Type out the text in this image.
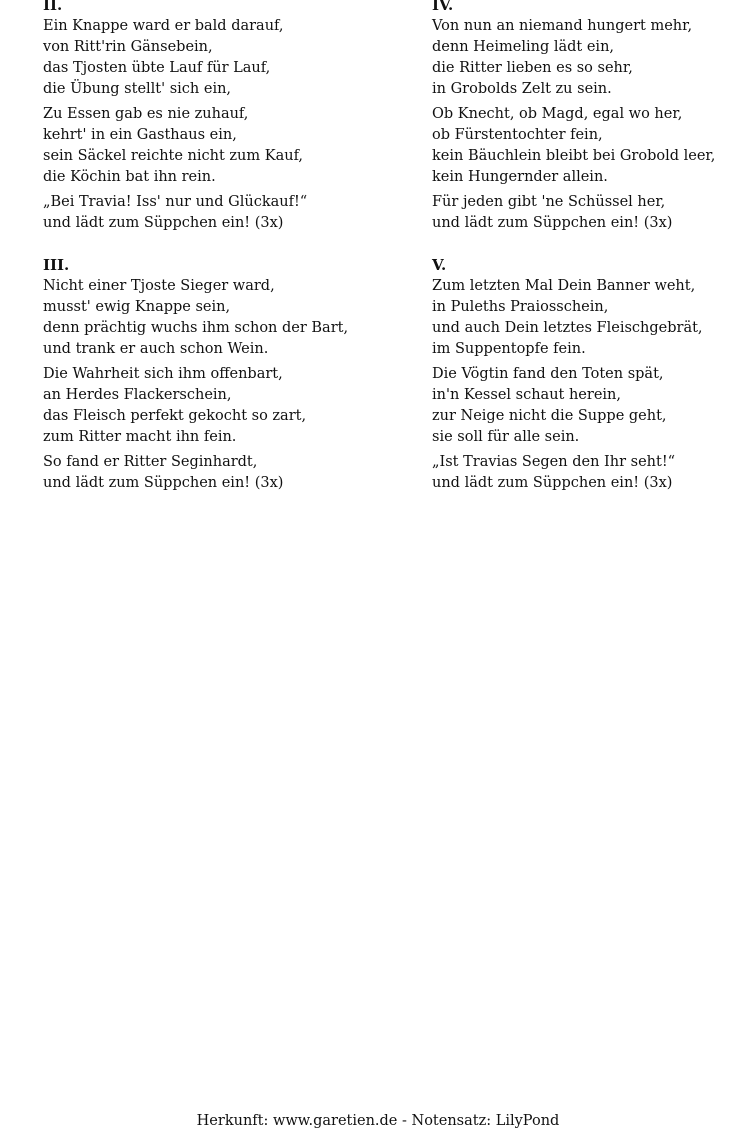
II.
Ein Knappe ward er bald darauf,
von Ritt'rin Gänsebein,
das Tjosten übte Lauf für Lauf,
die Übung stellt' sich ein,
Zu Essen gab es nie zuhauf,
kehrt' in ein Gasthaus ein,
sein Säckel reichte nicht zum Kauf,
die Köchin bat ihn rein.
„Bei Travia! Iss' nur und Glückauf!“
und lädt zum Süppchen ein! (3x)
IV.
Von nun an niemand hungert mehr,
denn Heimeling lädt ein,
die Ritter lieben es so sehr,
in Grobolds Zelt zu sein.
Ob Knecht, ob Magd, egal wo her,
ob Fürstentochter fein,
kein Bäuchlein bleibt bei Grobold leer,
kein Hungernder allein.
Für jeden gibt 'ne Schüssel her,
und lädt zum Süppchen ein! (3x)
III.
Nicht einer Tjoste Sieger ward,
musst' ewig Knappe sein,
denn prächtig wuchs ihm schon der Bart,
und trank er auch schon Wein.
Die Wahrheit sich ihm offenbart,
an Herdes Flackerschein,
das Fleisch perfekt gekocht so zart,
zum Ritter macht ihn fein.
So fand er Ritter Seginhardt,
und lädt zum Süppchen ein! (3x)
V.
Zum letzten Mal Dein Banner weht,
in Puleths Praiosschein,
und auch Dein letztes Fleischgebrät,
im Suppentopfe fein.
Die Vögtin fand den Toten spät,
in'n Kessel schaut herein,
zur Neige nicht die Suppe geht,
sie soll für alle sein.
„Ist Travias Segen den Ihr seht!“
und lädt zum Süppchen ein! (3x)
Herkunft: www.garetien.de - Notensatz: LilyPond
